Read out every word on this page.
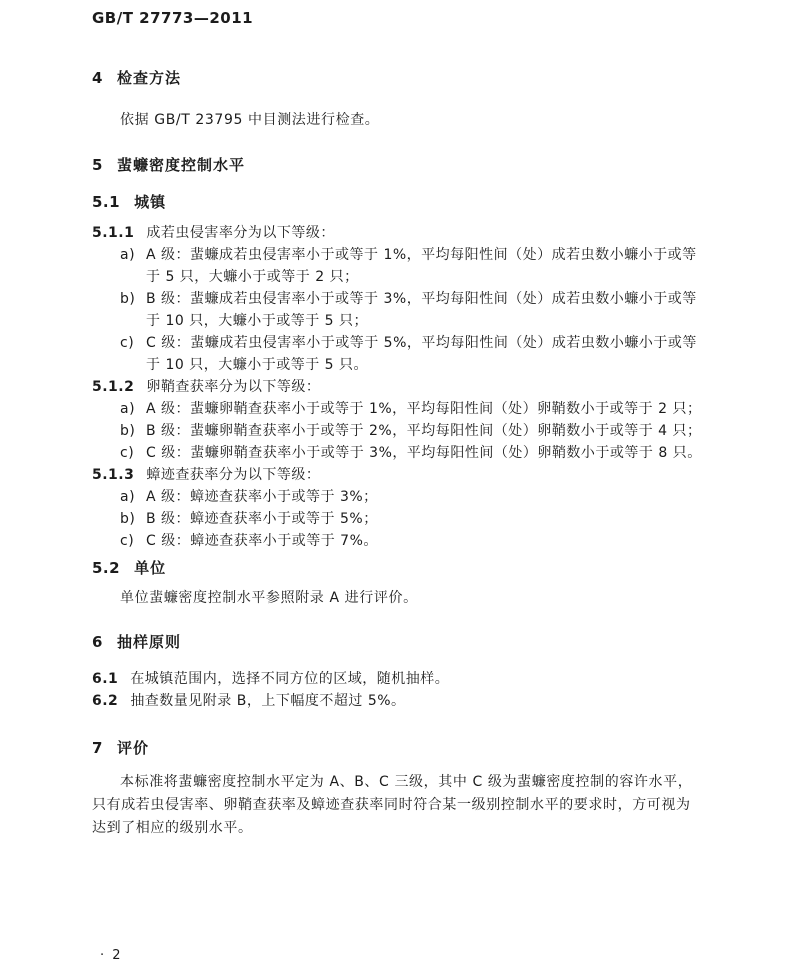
GB/T 27773—2011
4 检查方法

依据 GB/T 23795 中目测法进行检查。

5 蜚蠊密度控制水平
5.1 城镇
5.1.1 成若虫侵害率分为以下等级：
a) A 级：蜚蠊成若虫侵害率小于或等于 1%，平均每阳性间（处）成若虫数小蠊小于或等于 5 只，大蠊小于或等于 2 只；
b) B 级：蜚蠊成若虫侵害率小于或等于 3%，平均每阳性间（处）成若虫数小蠊小于或等于 10 只，大蠊小于或等于 5 只；
c) C 级：蜚蠊成若虫侵害率小于或等于 5%，平均每阳性间（处）成若虫数小蠊小于或等于 10 只，大蠊小于或等于 5 只。
5.1.2 卵鞘查获率分为以下等级：
a) A 级：蜚蠊卵鞘查获率小于或等于 1%，平均每阳性间（处）卵鞘数小于或等于 2 只；
b) B 级：蜚蠊卵鞘查获率小于或等于 2%，平均每阳性间（处）卵鞘数小于或等于 4 只；
c) C 级：蜚蠊卵鞘查获率小于或等于 3%，平均每阳性间（处）卵鞘数小于或等于 8 只。
5.1.3 蟑迹查获率分为以下等级：
a) A 级：蟑迹查获率小于或等于 3%；
b) B 级：蟑迹查获率小于或等于 5%；
c) C 级：蟑迹查获率小于或等于 7%。
5.2 单位

单位蜚蠊密度控制水平参照附录 A 进行评价。

6 抽样原则
6.1 在城镇范围内，选择不同方位的区域，随机抽样。
6.2 抽查数量见附录 B，上下幅度不超过 5%。
7 评价

本标准将蜚蠊密度控制水平定为 A、B、C 三级，其中 C 级为蜚蠊密度控制的容许水平，只有成若虫侵害率、卵鞘查获率及蟑迹查获率同时符合某一级别控制水平的要求时，方可视为达到了相应的级别水平。

· 2
